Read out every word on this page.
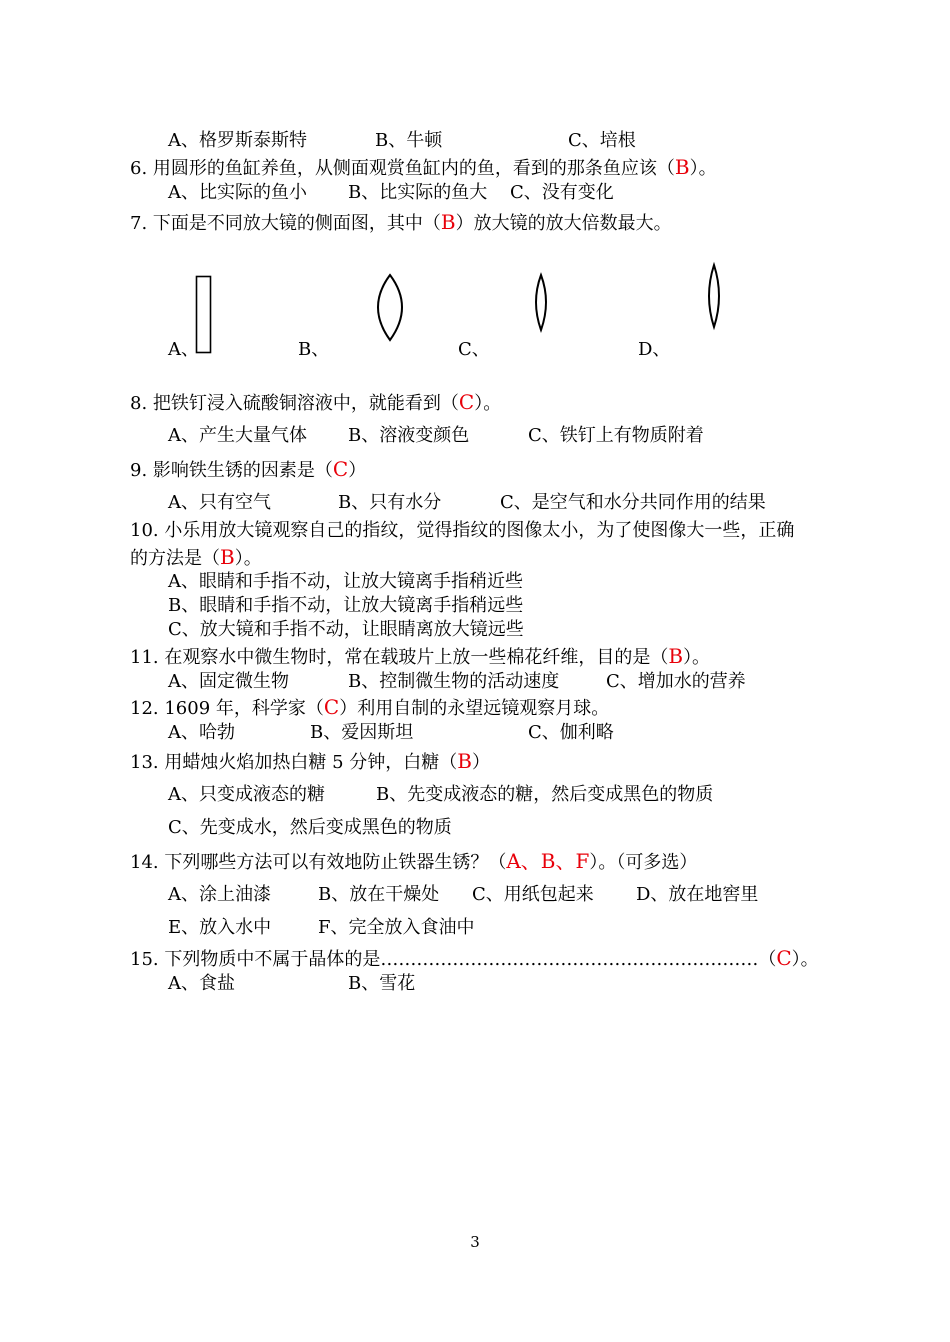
A、格罗斯泰斯特	B、牛顿	C、培根
6. 用圆形的鱼缸养鱼，从侧面观赏鱼缸内的鱼，看到的那条鱼应该（B）。
A、比实际的鱼小 B、比实际的鱼大 C、没有变化
7. 下面是不同放大镜的侧面图，其中（B）放大镜的放大倍数最大。
A、	B、	C、	D、
8. 把铁钉浸入硫酸铜溶液中，就能看到（C）。
A、产生大量气体 B、溶液变颜色	C、铁钉上有物质附着
9. 影响铁生锈的因素是（C）
A、只有空气	B、只有水分	C、是空气和水分共同作用的结果
10. 小乐用放大镜观察自己的指纹，觉得指纹的图像太小，为了使图像大一些，正确
的方法是（B）。
A、眼睛和手指不动，让放大镜离手指稍近些
B、眼睛和手指不动，让放大镜离手指稍远些
C、放大镜和手指不动，让眼睛离放大镜远些
11. 在观察水中微生物时，常在载玻片上放一些棉花纤维，目的是（B）。
A、固定微生物	B、控制微生物的活动速度	C、增加水的营养
12. 1609 年，科学家（C）利用自制的永望远镜观察月球。
A、哈勃	B、爱因斯坦	C、伽利略
13. 用蜡烛火焰加热白糖 5 分钟，白糖（B）
A、只变成液态的糖	B、先变成液态的糖，然后变成黑色的物质
C、先变成水，然后变成黑色的物质
14. 下列哪些方法可以有效地防止铁器生锈？（A、B、F）。（可多选）
A、涂上油漆	B、放在干燥处 C、用纸包起来 D、放在地窖里
E、放入水中	F、完全放入食油中
15. 下列物质中不属于晶体的是………………………………………………………（C）。
A、食盐	B、雪花
3
